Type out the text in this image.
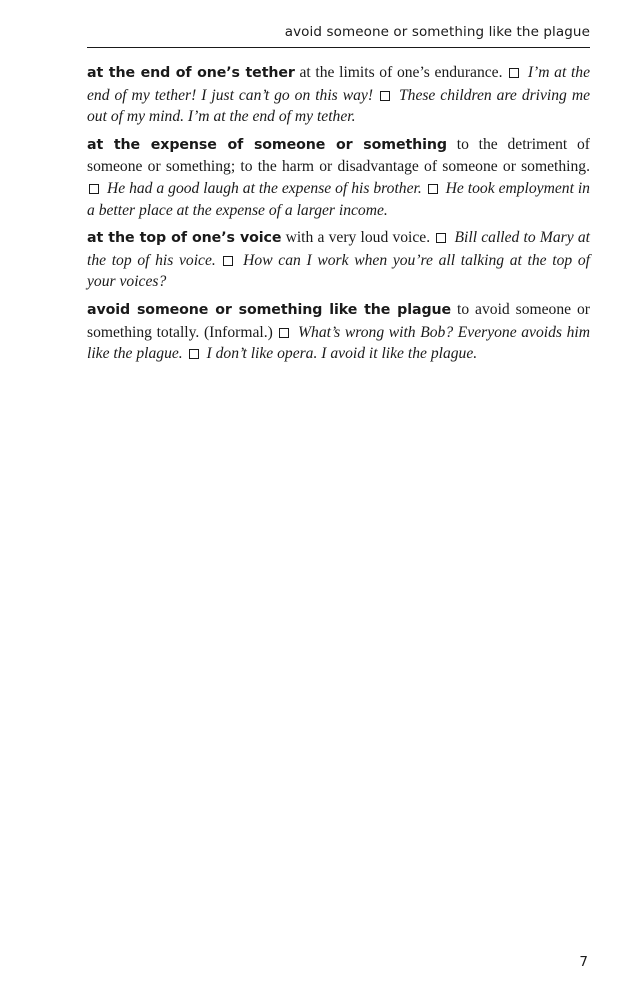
avoid someone or something like the plague

at the end of one’s tether at the limits of one’s endurance.  I’m at the end of my tether! I just can’t go on this way! These children are driving me out of my mind. I’m at the end of my tether.

at the expense of someone or something to the detriment of someone or something; to the harm or disadvantage of someone or something.  He had a good laugh at the expense of his brother. He took employment in a better place at the expense of a larger income.

at the top of one’s voice with a very loud voice.  Bill called to Mary at the top of his voice. How can I work when you’re all talking at the top of your voices?

avoid someone or something like the plague to avoid someone or something totally. (Informal.)  What’s wrong with Bob? Everyone avoids him like the plague. I don’t like opera. I avoid it like the plague.

7
